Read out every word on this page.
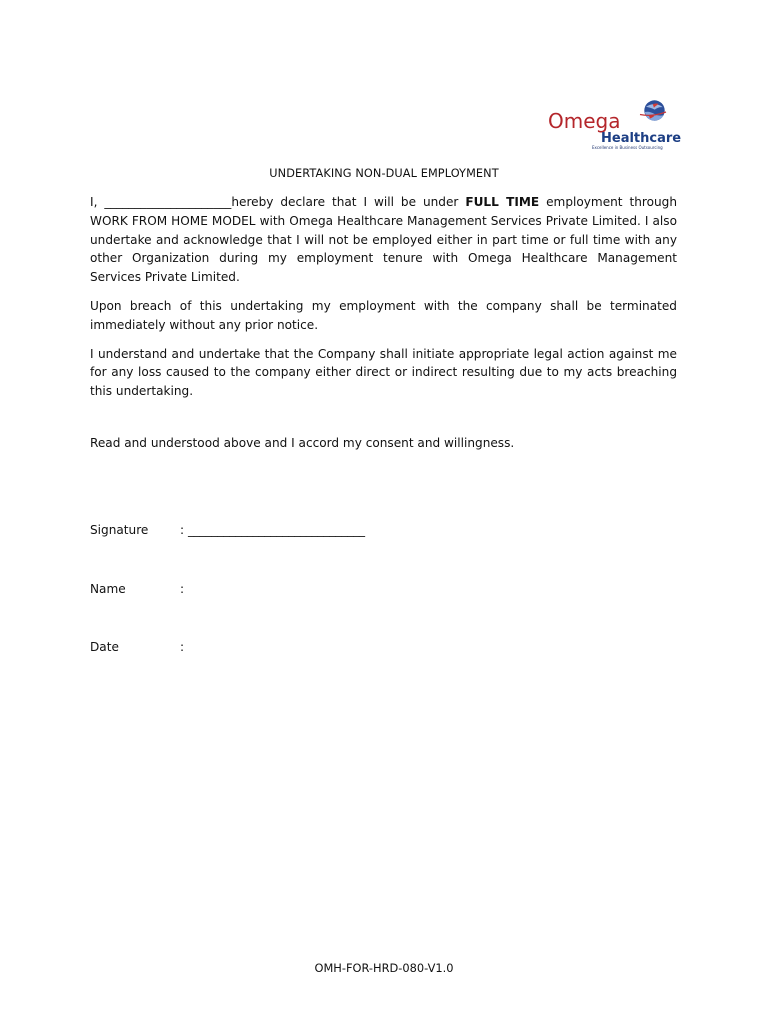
Omega
Healthcare
Excellence in Business Outsourcing
UNDERTAKING NON-DUAL EMPLOYMENT

I, _____________________hereby declare that I will be under FULL TIME employment through WORK FROM HOME MODEL with Omega Healthcare Management Services Private Limited. I also undertake and acknowledge that I will not be employed either in part time or full time with any other Organization during my employment tenure with Omega Healthcare Management Services Private Limited.

Upon breach of this undertaking my employment with the company shall be terminated immediately without any prior notice.

I understand and undertake that the Company shall initiate appropriate legal action against me for any loss caused to the company either direct or indirect resulting due to my acts breaching this undertaking.

Read and understood above and I accord my consent and willingness.
Signature	: ______________________________
Name	:
Date	:
OMH-FOR-HRD-080-V1.0
